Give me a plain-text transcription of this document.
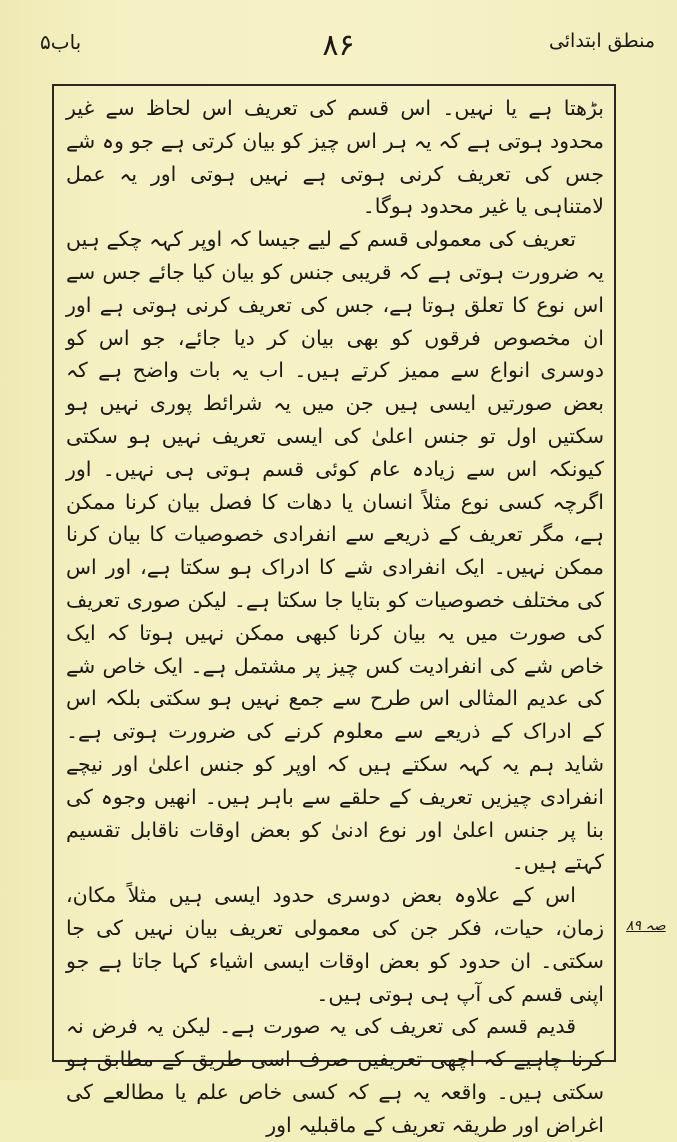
باب۵	۸۶	منطق ابتدائی

بڑھتا ہے یا نہیں۔ اس قسم کی تعریف اس لحاظ سے غیر محدود ہوتی ہے کہ یہ ہر اس چیز کو بیان کرتی ہے جو وہ شے جس کی تعریف کرنی ہوتی ہے نہیں ہوتی اور یہ عمل لامتناہی یا غیر محدود ہوگا۔

تعریف کی معمولی قسم کے لیے جیسا کہ اوپر کہہ چکے ہیں یہ ضرورت ہوتی ہے کہ قریبی جنس کو بیان کیا جائے جس سے اس نوع کا تعلق ہوتا ہے، جس کی تعریف کرنی ہوتی ہے اور ان مخصوص فرقوں کو بھی بیان کر دیا جائے، جو اس کو دوسری انواع سے ممیز کرتے ہیں۔ اب یہ بات واضح ہے کہ بعض صورتیں ایسی ہیں جن میں یہ شرائط پوری نہیں ہو سکتیں اول تو جنس اعلیٰ کی ایسی تعریف نہیں ہو سکتی کیونکہ اس سے زیادہ عام کوئی قسم ہوتی ہی نہیں۔ اور اگرچہ کسی نوع مثلاً انسان یا دھات کا فصل بیان کرنا ممکن ہے، مگر تعریف کے ذریعے سے انفرادی خصوصیات کا بیان کرنا ممکن نہیں۔ ایک انفرادی شے کا ادراک ہو سکتا ہے، اور اس کی مختلف خصوصیات کو بتایا جا سکتا ہے۔ لیکن صوری تعریف کی صورت میں یہ بیان کرنا کبھی ممکن نہیں ہوتا کہ ایک خاص شے کی انفرادیت کس چیز پر مشتمل ہے۔ ایک خاص شے کی عدیم المثالی اس طرح سے جمع نہیں ہو سکتی بلکہ اس کے ادراک کے ذریعے سے معلوم کرنے کی ضرورت ہوتی ہے۔ شاید ہم یہ کہہ سکتے ہیں کہ اوپر کو جنس اعلیٰ اور نیچے انفرادی چیزیں تعریف کے حلقے سے باہر ہیں۔ انھیں وجوہ کی بنا پر جنس اعلیٰ اور نوع ادنیٰ کو بعض اوقات ناقابل تقسیم کہتے ہیں۔

اس کے علاوہ بعض دوسری حدود ایسی ہیں مثلاً مکان، زمان، حیات، فکر جن کی معمولی تعریف بیان نہیں کی جا سکتی۔ ان حدود کو بعض اوقات ایسی اشیاء کہا جاتا ہے جو اپنی قسم کی آپ ہی ہوتی ہیں۔

قدیم قسم کی تعریف کی یہ صورت ہے۔ لیکن یہ فرض نہ کرنا چاہیے کہ اچھی تعریفیں صرف اسی طریق کے مطابق ہو سکتی ہیں۔ واقعہ یہ ہے کہ کسی خاص علم یا مطالعے کی اغراض اور طریقہ تعریف کے ماقبلیہ اور

صہ ۸۹
